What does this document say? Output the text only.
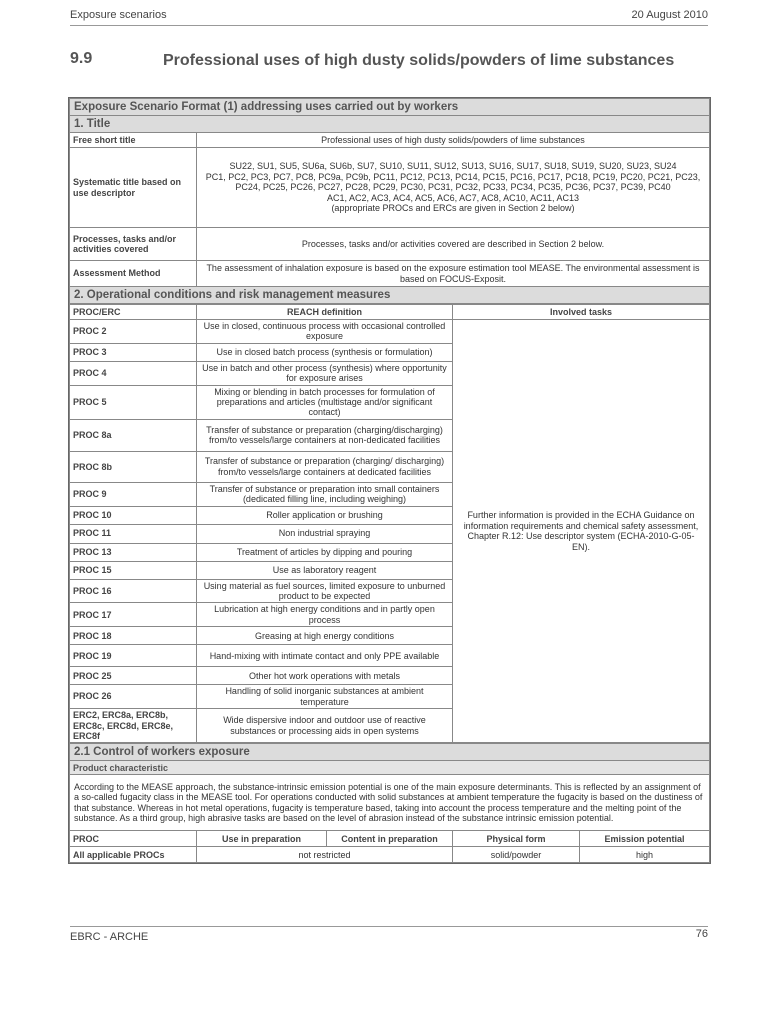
Exposure scenarios	20 August 2010
9.9	Professional uses of high dusty solids/powders of lime substances
Exposure Scenario Format (1) addressing uses carried out by workers	
1. Title	
Free short title	Professional uses of high dusty solids/powders of lime substances
Systematic title based on use descriptor	SU22, SU1, SU5, SU6a, SU6b, SU7, SU10, SU11, SU12, SU13, SU16, SU17, SU18, SU19, SU20, SU23, SU24
PC1, PC2, PC3, PC7, PC8, PC9a, PC9b, PC11, PC12, PC13, PC14, PC15, PC16, PC17, PC18, PC19, PC20, PC21, PC23, PC24, PC25, PC26, PC27, PC28, PC29, PC30, PC31, PC32, PC33, PC34, PC35, PC36, PC37, PC39, PC40
AC1, AC2, AC3, AC4, AC5, AC6, AC7, AC8, AC10, AC11, AC13
(appropriate PROCs and ERCs are given in Section 2 below)

Processes, tasks and/or activities covered	Processes, tasks and/or activities covered are described in Section 2 below.
Assessment Method	The assessment of inhalation exposure is based on the exposure estimation tool MEASE. The environmental assessment is based on FOCUS-Exposit.
2. Operational conditions and risk management measures	
PROC/ERC	REACH definition	Involved tasks
PROC 2	Use in closed, continuous process with occasional controlled exposure	Further information is provided in the ECHA Guidance on information requirements and chemical safety assessment, Chapter R.12: Use descriptor system (ECHA-2010-G-05-EN).
PROC 3	Use in closed batch process (synthesis or formulation)	
PROC 4	Use in batch and other process (synthesis) where opportunity for exposure arises	
PROC 5	Mixing or blending in batch processes for formulation of preparations and articles (multistage and/or significant contact)	
PROC 8a	Transfer of substance or preparation (charging/discharging) from/to vessels/large containers at non-dedicated facilities	
PROC 8b	Transfer of substance or preparation (charging/ discharging) from/to vessels/large containers at dedicated facilities	
PROC 9	Transfer of substance or preparation into small containers (dedicated filling line, including weighing)	
PROC 10	Roller application or brushing	
PROC 11	Non industrial spraying	
PROC 13	Treatment of articles by dipping and pouring	
PROC 15	Use as laboratory reagent	
PROC 16	Using material as fuel sources, limited exposure to unburned product to be expected	
PROC 17	Lubrication at high energy conditions and in partly open process	
PROC 18	Greasing at high energy conditions	
PROC 19	Hand-mixing with intimate contact and only PPE available	
PROC 25	Other hot work operations with metals	
PROC 26	Handling of solid inorganic substances at ambient temperature	
ERC2, ERC8a, ERC8b, ERC8c, ERC8d, ERC8e, ERC8f	Wide dispersive indoor and outdoor use of reactive substances or processing aids in open systems	
2.1 Control of workers exposure				
Product characteristic				
According to the MEASE approach, the substance-intrinsic emission potential is one of the main exposure determinants. This is reflected by an assignment of a so-called fugacity class in the MEASE tool. For operations conducted with solid substances at ambient temperature the fugacity is based on the dustiness of that substance. Whereas in hot metal operations, fugacity is temperature based, taking into account the process temperature and the melting point of the substance. As a third group, high abrasive tasks are based on the level of abrasion instead of the substance intrinsic emission potential.				
PROC	Use in preparation	Content in preparation	Physical form	Emission potential
All applicable PROCs	not restricted		solid/powder	high
EBRC - ARCHE	76
